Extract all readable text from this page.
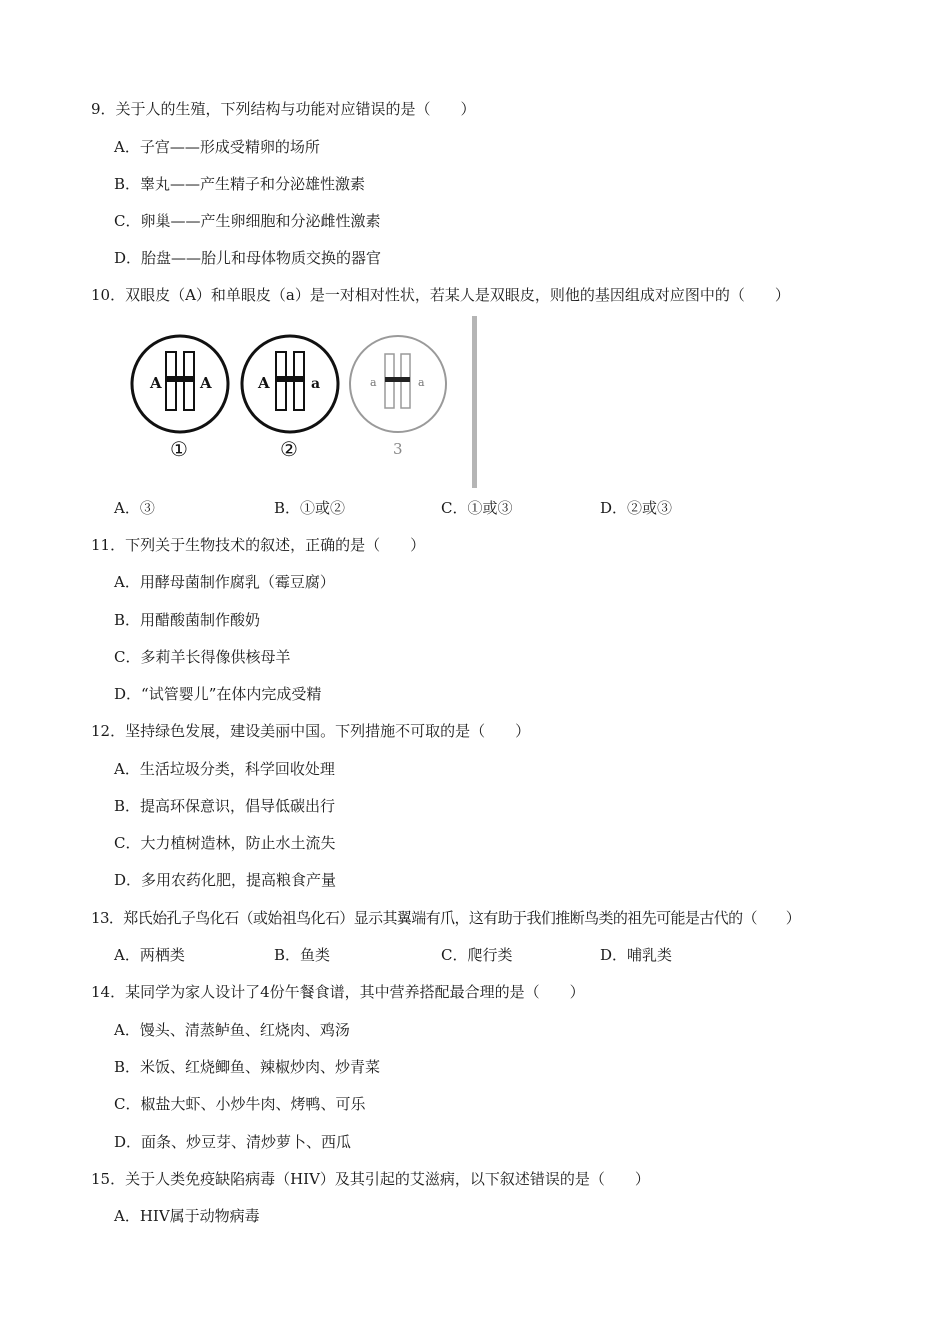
9．关于人的生殖，下列结构与功能对应错误的是（　　）
A．子宫——形成受精卵的场所
B．睾丸——产生精子和分泌雄性激素
C．卵巢——产生卵细胞和分泌雌性激素
D．胎盘——胎儿和母体物质交换的器官
10．双眼皮（A）和单眼皮（a）是一对相对性状，若某人是双眼皮，则他的基因组成对应图中的（　　）
A	A
①
A	a
②
a	a
3
A．③	B．①或②	C．①或③	D．②或③
11．下列关于生物技术的叙述，正确的是（　　）
A．用酵母菌制作腐乳（霉豆腐）
B．用醋酸菌制作酸奶
C．多莉羊长得像供核母羊
D．“试管婴儿”在体内完成受精
12．坚持绿色发展，建设美丽中国。下列措施不可取的是（　　）
A．生活垃圾分类，科学回收处理
B．提高环保意识，倡导低碳出行
C．大力植树造林，防止水土流失
D．多用农药化肥，提高粮食产量
13．郑氏始孔子鸟化石（或始祖鸟化石）显示其翼端有爪，这有助于我们推断鸟类的祖先可能是古代的（　　）
A．两栖类	B．鱼类	C．爬行类	D．哺乳类
14．某同学为家人设计了4份午餐食谱，其中营养搭配最合理的是（　　）
A．馒头、清蒸鲈鱼、红烧肉、鸡汤
B．米饭、红烧鲫鱼、辣椒炒肉、炒青菜
C．椒盐大虾、小炒牛肉、烤鸭、可乐
D．面条、炒豆芽、清炒萝卜、西瓜
15．关于人类免疫缺陷病毒（HIV）及其引起的艾滋病，以下叙述错误的是（　　）
A．HIV属于动物病毒
